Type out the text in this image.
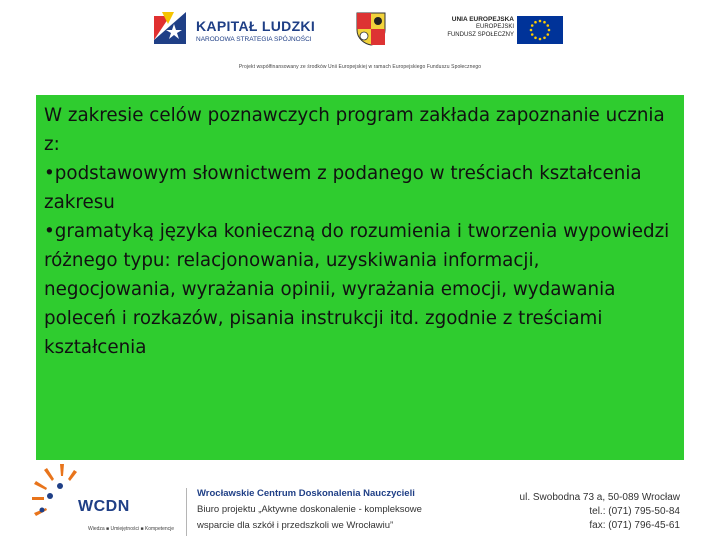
KAPITAŁ LUDZKI
NARODOWA STRATEGIA SPÓJNOŚCI
UNIA EUROPEJSKA
EUROPEJSKI
FUNDUSZ SPOŁECZNY
Projekt współfinansowany ze środków Unii Europejskiej w ramach Europejskiego Funduszu Społecznego

W zakresie celów poznawczych program zakłada zapoznanie ucznia z:

•podstawowym słownictwem z podanego w treściach kształcenia zakresu

•gramatyką języka konieczną do rozumienia i tworzenia wypowiedzi różnego typu: relacjonowania, uzyskiwania informacji, negocjowania, wyrażania opinii, wyrażania emocji, wydawania poleceń i rozkazów, pisania instrukcji itd. zgodnie z treściami kształcenia

WCDN
Wiedza ■ Umiejętności ■ Kompetencje
Wrocławskie Centrum Doskonalenia Nauczycieli
Biuro projektu „Aktywne doskonalenie - kompleksowe
wsparcie dla szkół i przedszkoli we Wrocławiu”
ul. Swobodna 73 a, 50-089 Wrocław
tel.: (071) 795-50-84
fax: (071) 796-45-61
